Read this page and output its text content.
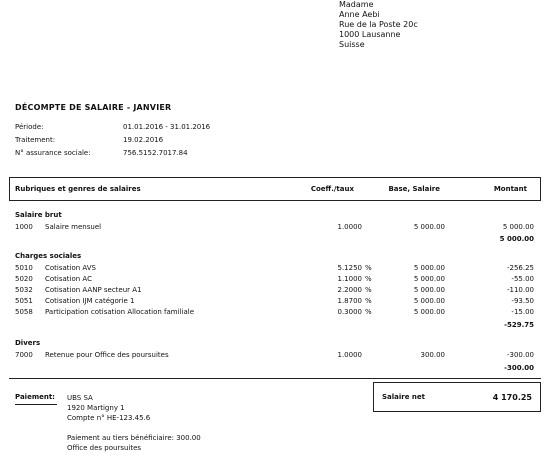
Madame
Anne Aebi
Rue de la Poste 20c
1000 Lausanne
Suisse
DÉCOMPTE DE SALAIRE - JANVIER
Période:	01.01.2016 - 31.01.2016
Traitement:	19.02.2016
N° assurance sociale:	756.5152.7017.84
Rubriques et genres de salaires	Coeff./taux	Base, Salaire	Montant
Salaire brut
1000 Salaire mensuel	1.0000	5 000.00	5 000.00
5 000.00
Charges sociales
5010 Cotisation AVS	5.1250 %	5 000.00	-256.25
5020 Cotisation AC	1.1000 %	5 000.00	-55.00
5032 Cotisation AANP secteur A1	2.2000 %	5 000.00	-110.00
5051 Cotisation IJM catégorie 1	1.8700 %	5 000.00	-93.50
5058 Participation cotisation Allocation familiale	0.3000 %	5 000.00	-15.00
-529.75
Divers
7000 Retenue pour Office des poursuites	1.0000	300.00	-300.00
-300.00
Paiement: UBS SA
1920 Martigny 1
Compte n° HE-123.45.6
Paiement au tiers bénéficiaire: 300.00
Office des poursuites
Salaire net	4 170.25
